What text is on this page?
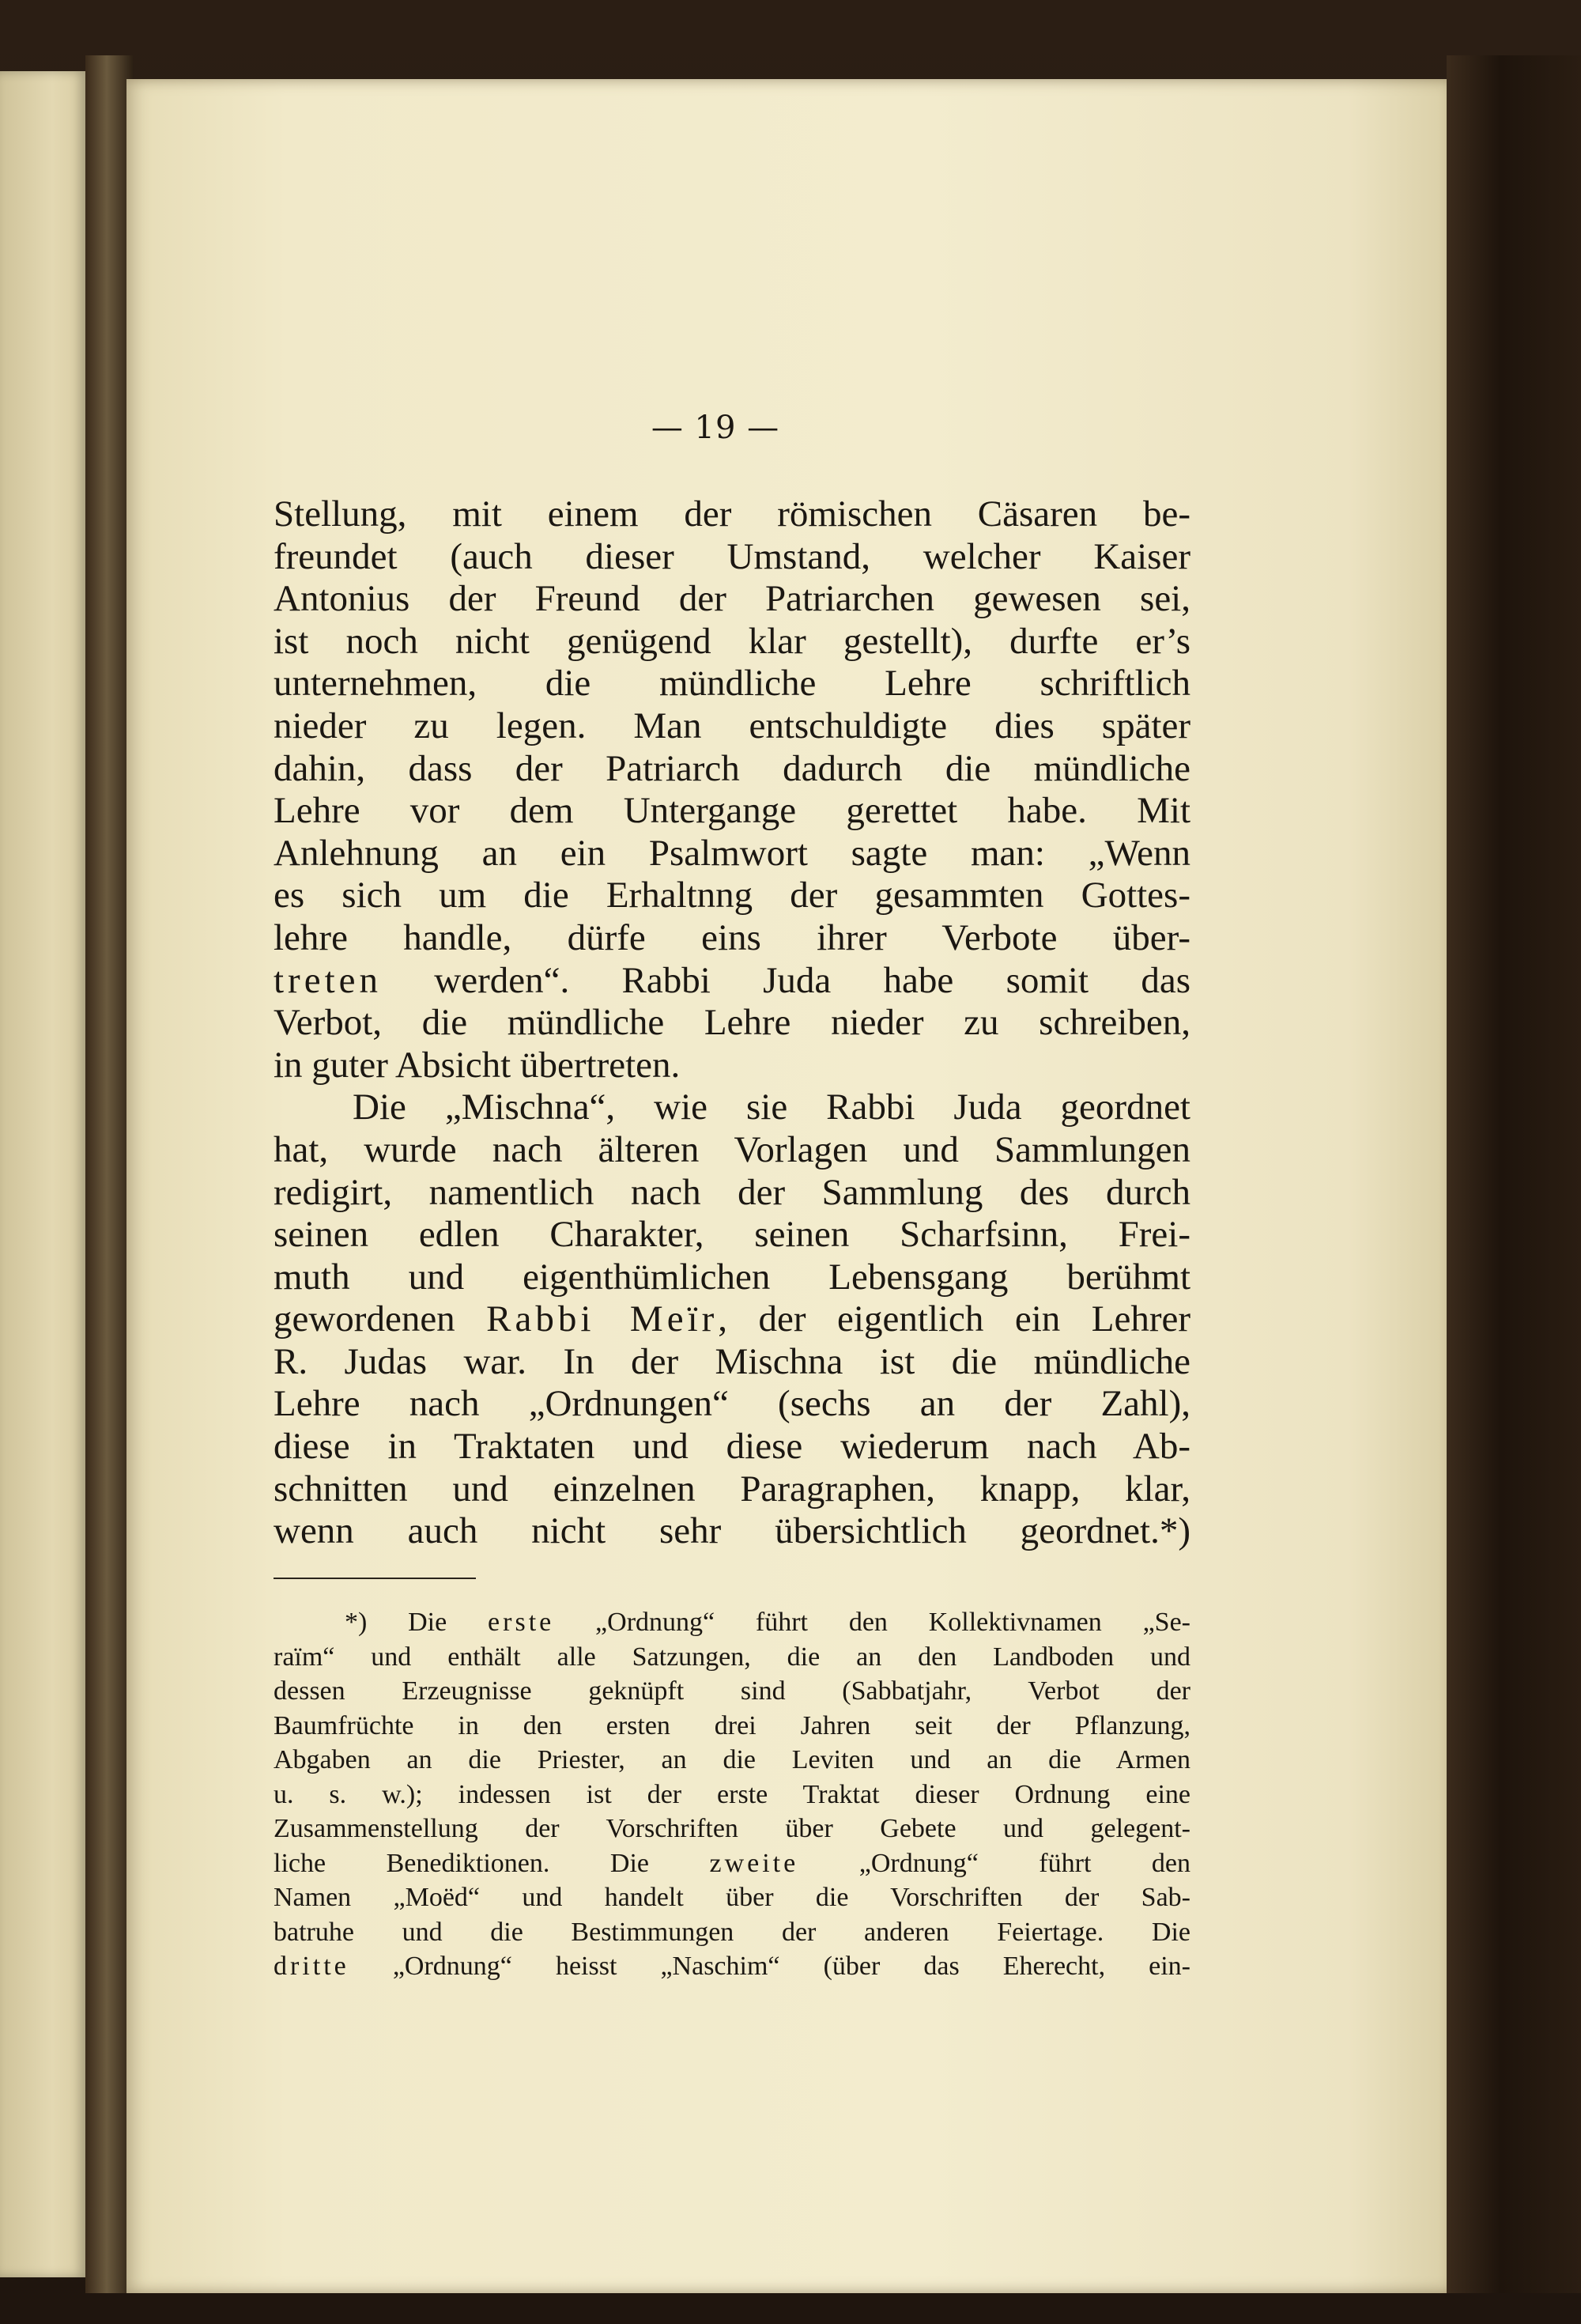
— 19 —
Stellung, mit einem der römischen Cäsaren be-
freundet (auch dieser Umstand, welcher Kaiser
Antonius der Freund der Patriarchen gewesen sei,
ist noch nicht genügend klar gestellt), durfte er’s
unternehmen, die mündliche Lehre schriftlich
nieder zu legen. Man entschuldigte dies später
dahin, dass der Patriarch dadurch die mündliche
Lehre vor dem Untergange gerettet habe. Mit
Anlehnung an ein Psalmwort sagte man: „Wenn
es sich um die Erhaltnng der gesammten Gottes-
lehre handle, dürfe eins ihrer Verbote über-
treten werden“. Rabbi Juda habe somit das
Verbot, die mündliche Lehre nieder zu schreiben,
in guter Absicht übertreten.
Die „Mischna“, wie sie Rabbi Juda geordnet
hat, wurde nach älteren Vorlagen und Sammlungen
redigirt, namentlich nach der Sammlung des durch
seinen edlen Charakter, seinen Scharfsinn, Frei-
muth und eigenthümlichen Lebensgang berühmt
gewordenen Rabbi Meïr, der eigentlich ein Lehrer
R. Judas war. In der Mischna ist die mündliche
Lehre nach „Ordnungen“ (sechs an der Zahl),
diese in Traktaten und diese wiederum nach Ab-
schnitten und einzelnen Paragraphen, knapp, klar,
wenn auch nicht sehr übersichtlich geordnet.*)
*) Die erste „Ordnung“ führt den Kollektivnamen „Se-
raïm“ und enthält alle Satzungen, die an den Landboden und
dessen Erzeugnisse geknüpft sind (Sabbatjahr, Verbot der
Baumfrüchte in den ersten drei Jahren seit der Pflanzung,
Abgaben an die Priester, an die Leviten und an die Armen
u. s. w.); indessen ist der erste Traktat dieser Ordnung eine
Zusammenstellung der Vorschriften über Gebete und gelegent-
liche Benediktionen. Die zweite „Ordnung“ führt den
Namen „Moëd“ und handelt über die Vorschriften der Sab-
batruhe und die Bestimmungen der anderen Feiertage. Die
dritte „Ordnung“ heisst „Naschim“ (über das Eherecht, ein-
